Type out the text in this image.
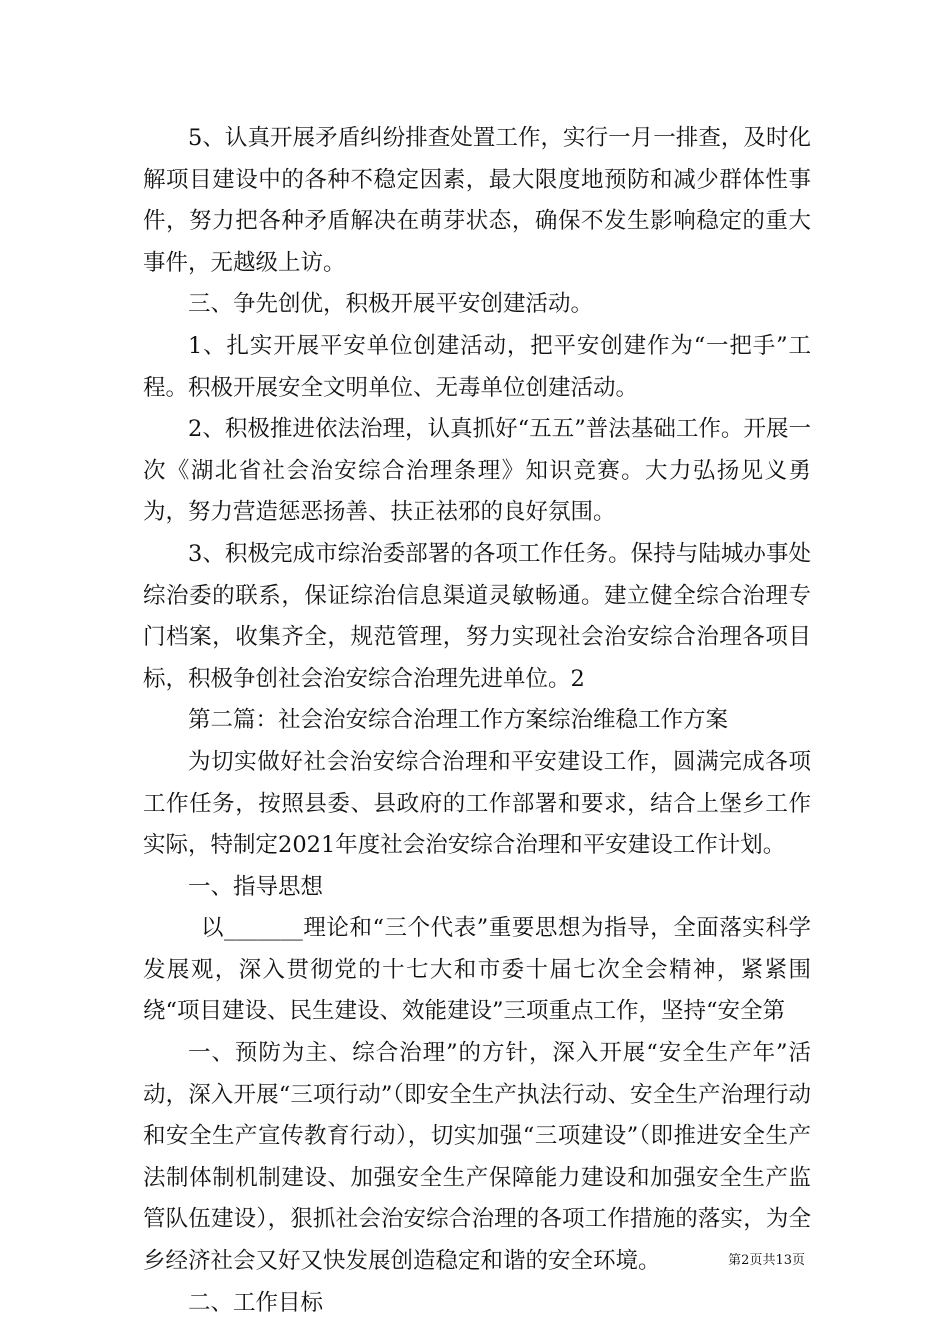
5、认真开展矛盾纠纷排查处置工作，实行一月一排查，及时化解项目建设中的各种不稳定因素，最大限度地预防和减少群体性事件，努力把各种矛盾解决在萌芽状态，确保不发生影响稳定的重大事件，无越级上访。

三、争先创优，积极开展平安创建活动。

1、扎实开展平安单位创建活动，把平安创建作为“一把手”工程。积极开展安全文明单位、无毒单位创建活动。

2、积极推进依法治理，认真抓好“五五”普法基础工作。开展一次《湖北省社会治安综合治理条理》知识竞赛。大力弘扬见义勇为，努力营造惩恶扬善、扶正祛邪的良好氛围。

3、积极完成市综治委部署的各项工作任务。保持与陆城办事处综治委的联系，保证综治信息渠道灵敏畅通。建立健全综合治理专门档案，收集齐全，规范管理，努力实现社会治安综合治理各项目标，积极争创社会治安综合治理先进单位。2

第二篇：社会治安综合治理工作方案综治维稳工作方案

为切实做好社会治安综合治理和平安建设工作，圆满完成各项工作任务，按照县委、县政府的工作部署和要求，结合上堡乡工作实际，特制定2021年度社会治安综合治理和平安建设工作计划。

一、指导思想

以_______理论和“三个代表”重要思想为指导，全面落实科学发展观，深入贯彻党的十七大和市委十届七次全会精神，紧紧围绕“项目建设、民生建设、效能建设”三项重点工作，坚持“安全第

一、预防为主、综合治理”的方针，深入开展“安全生产年”活动，深入开展“三项行动”（即安全生产执法行动、安全生产治理行动和安全生产宣传教育行动），切实加强“三项建设”（即推进安全生产法制体制机制建设、加强安全生产保障能力建设和加强安全生产监管队伍建设），狠抓社会治安综合治理的各项工作措施的落实，为全乡经济社会又好又快发展创造稳定和谐的安全环境。

二、工作目标

第2页共13页
